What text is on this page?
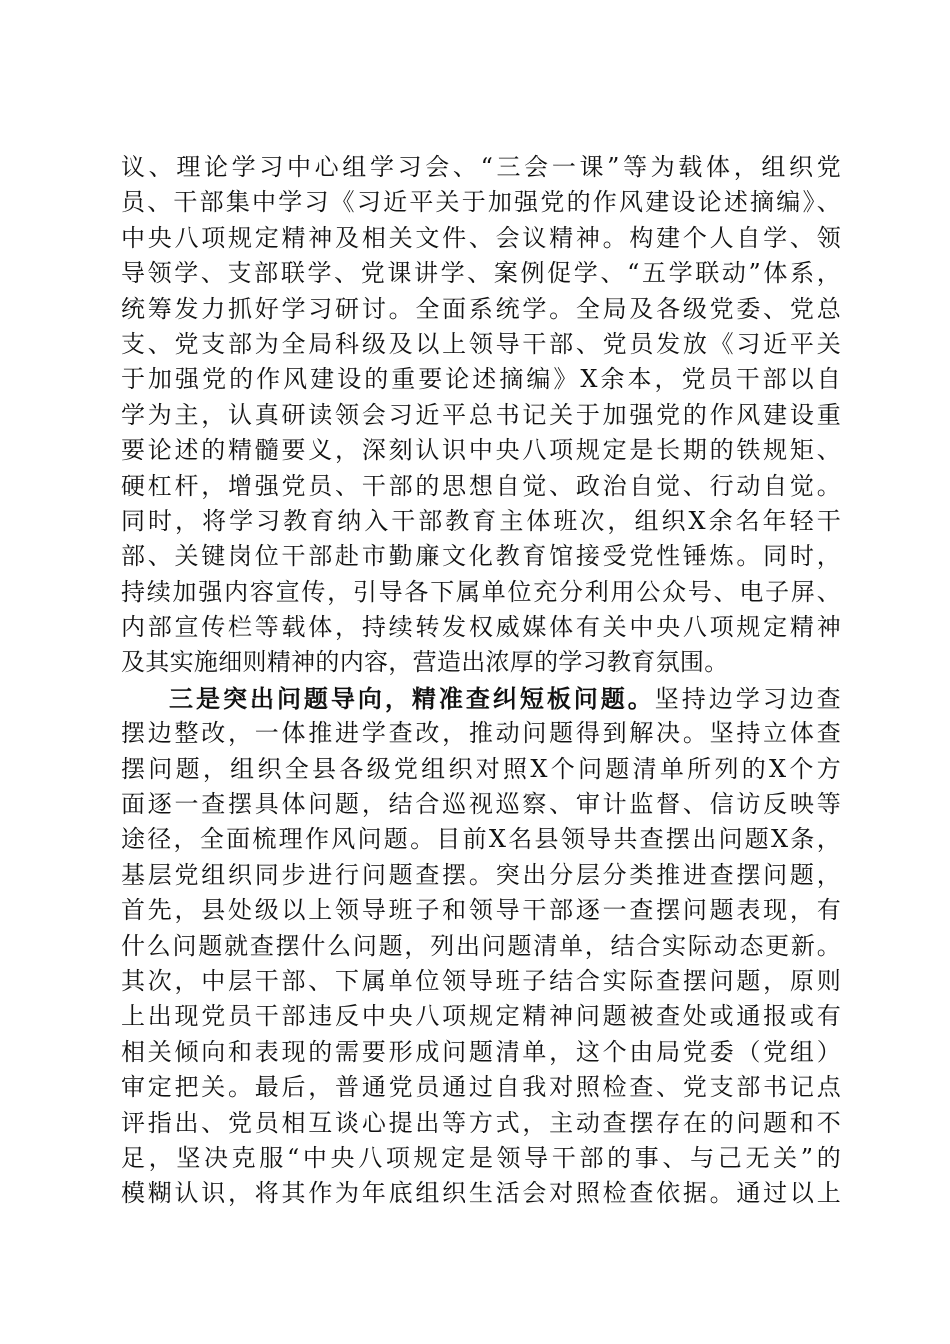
议、理论学习中心组学习会、“三会一课”等为载体，组织党
员、干部集中学习《习近平关于加强党的作风建设论述摘编》、
中央八项规定精神及相关文件、会议精神。构建个人自学、领
导领学、支部联学、党课讲学、案例促学、“五学联动”体系，
统筹发力抓好学习研讨。全面系统学。全局及各级党委、党总
支、党支部为全局科级及以上领导干部、党员发放《习近平关
于加强党的作风建设的重要论述摘编》X余本，党员干部以自
学为主，认真研读领会习近平总书记关于加强党的作风建设重
要论述的精髓要义，深刻认识中央八项规定是长期的铁规矩、
硬杠杆，增强党员、干部的思想自觉、政治自觉、行动自觉。
同时，将学习教育纳入干部教育主体班次，组织X余名年轻干
部、关键岗位干部赴市勤廉文化教育馆接受党性锤炼。同时，
持续加强内容宣传，引导各下属单位充分利用公众号、电子屏、
内部宣传栏等载体，持续转发权威媒体有关中央八项规定精神
及其实施细则精神的内容，营造出浓厚的学习教育氛围。
三是突出问题导向，精准查纠短板问题。坚持边学习边查
摆边整改，一体推进学查改，推动问题得到解决。坚持立体查
摆问题，组织全县各级党组织对照X个问题清单所列的X个方
面逐一查摆具体问题，结合巡视巡察、审计监督、信访反映等
途径，全面梳理作风问题。目前X名县领导共查摆出问题X条，
基层党组织同步进行问题查摆。突出分层分类推进查摆问题，
首先，县处级以上领导班子和领导干部逐一查摆问题表现，有
什么问题就查摆什么问题，列出问题清单，结合实际动态更新。
其次，中层干部、下属单位领导班子结合实际查摆问题，原则
上出现党员干部违反中央八项规定精神问题被查处或通报或有
相关倾向和表现的需要形成问题清单，这个由局党委（党组）
审定把关。最后，普通党员通过自我对照检查、党支部书记点
评指出、党员相互谈心提出等方式，主动查摆存在的问题和不
足，坚决克服“中央八项规定是领导干部的事、与己无关”的
模糊认识，将其作为年底组织生活会对照检查依据。通过以上
